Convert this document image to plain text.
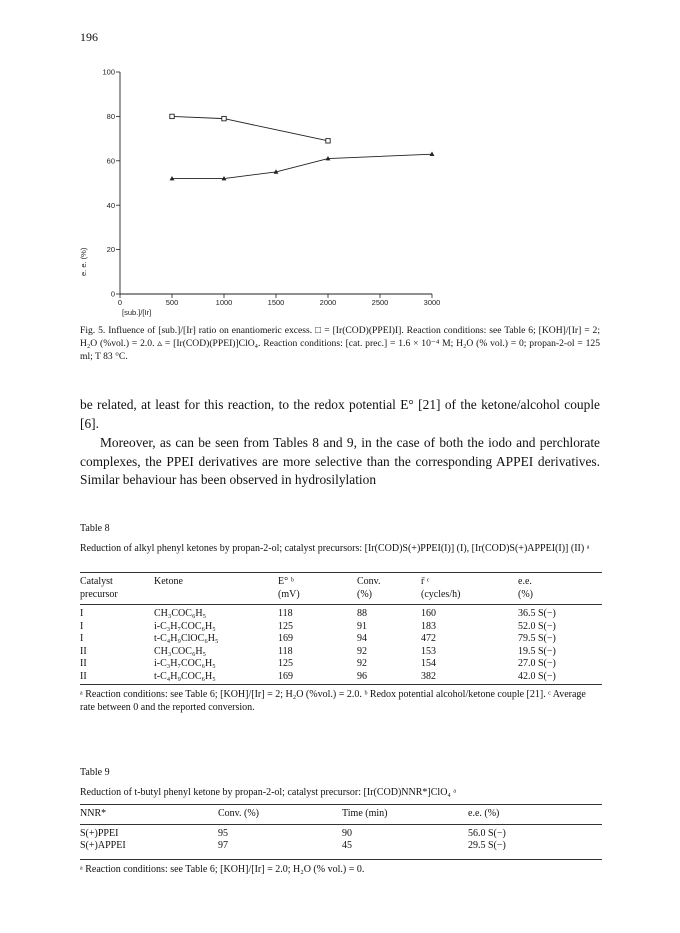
196
0
20
40
60
80
100
0	500	1000	1500	2000	2500	3000
[sub.]/[Ir]
e. e. (%)
Fig. 5. Influence of [sub.]/[Ir] ratio on enantiomeric excess. □ = [Ir(COD)(PPEI)I]. Reaction conditions: see Table 6; [KOH]/[Ir] = 2; H₂O (%vol.) = 2.0. ▵ = [Ir(COD)(PPEI)]ClO₄. Reaction conditions: [cat. prec.] = 1.6 × 10⁻⁴ M; H₂O (% vol.) = 0; propan-2-ol = 125 ml; T 83 °C.
be related, at least for this reaction, to the redox potential E° [21] of the ketone/alcohol couple [6].
Moreover, as can be seen from Tables 8 and 9, in the case of both the iodo and perchlorate complexes, the PPEI derivatives are more selective than the corresponding APPEI derivatives. Similar behaviour has been observed in hydrosilylation
Table 8
Reduction of alkyl phenyl ketones by propan-2-ol; catalyst precursors: [Ir(COD)S(+)PPEI(I)] (I), [Ir(COD)S(+)APPEI(I)] (II) ᵃ
Catalyst	Ketone	E° ᵇ	Conv.	r̄ ᶜ	e.e.
precursor		(mV)	(%)	(cycles/h)	(%)
I	CH₃COC₆H₅	118	88	160	36.5 S(−)
I	i-C₃H₇COC₆H₅	125	91	183	52.0 S(−)
I	t-C₄H₉ClOC₆H₅	169	94	472	79.5 S(−)
II	CH₃COC₆H₅	118	92	153	19.5 S(−)
II	i-C₃H₇COC₆H₅	125	92	154	27.0 S(−)
II	t-C₄H₉COC₆H₅	169	96	382	42.0 S(−)
ᵃ Reaction conditions: see Table 6; [KOH]/[Ir] = 2; H₂O (%vol.) = 2.0. ᵇ Redox potential alcohol/ketone couple [21]. ᶜ Average rate between 0 and the reported conversion.
Table 9
Reduction of t-butyl phenyl ketone by propan-2-ol; catalyst precursor: [Ir(COD)NNR*]ClO₄ ᵃ
NNR*	Conv. (%)	Time (min)	e.e. (%)
S(+)PPEI	95	90	56.0 S(−)
S(+)APPEI	97	45	29.5 S(−)
ᵃ Reaction conditions: see Table 6; [KOH]/[Ir] = 2.0; H₂O (% vol.) = 0.
